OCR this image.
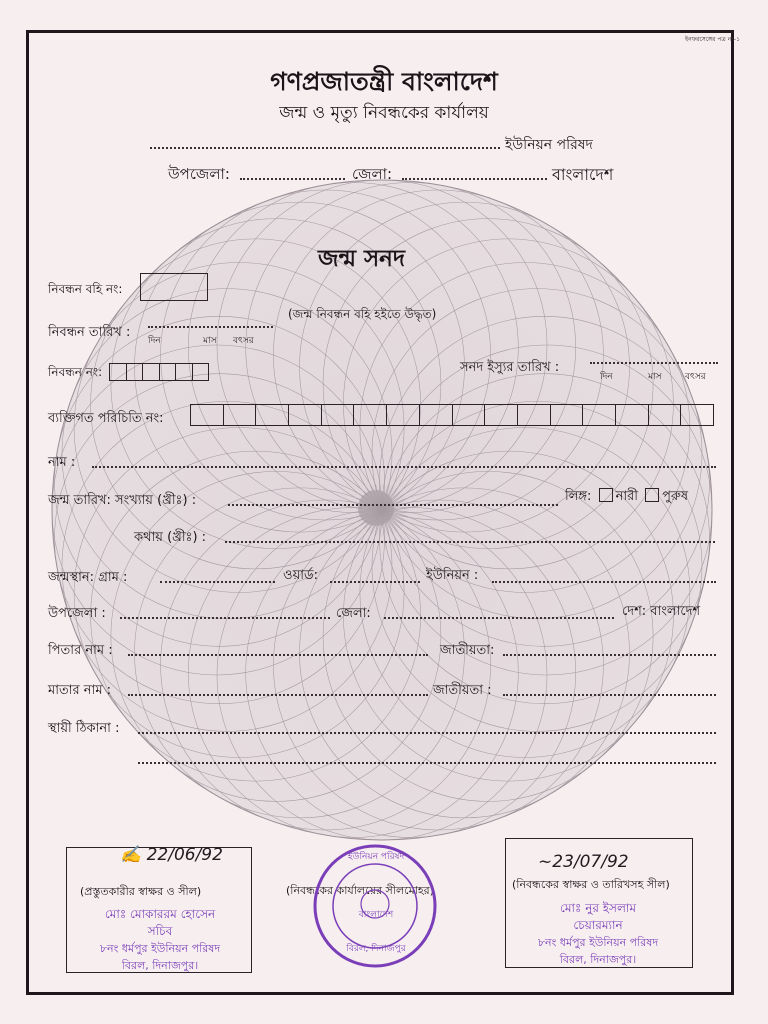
ইনফরসেঙ্গের পত্র নং-১
গণপ্রজাতন্ত্রী বাংলাদেশ
জন্ম ও মৃত্যু নিবন্ধকের কার্যালয়
ইউনিয়ন পরিষদ
উপজেলা:	জেলা:	বাংলাদেশ
জন্ম সনদ
(জন্ম নিবন্ধন বহি হইতে উদ্ধৃত)
নিবন্ধন বহি নং:
নিবন্ধন তারিখ :
দিন	মাস বৎসর
নিবন্ধন নং:	সনদ ইস্যুর তারিখ :
দিন	মাস	বৎসর
ব্যক্তিগত পরিচিতি নং:
নাম :
জন্ম তারিখ: সংখ্যায় (খ্রীঃ) :	লিঙ্গ: নারী পুরুষ
কথায় (খ্রীঃ) :
জন্মস্থান: গ্রাম :	ওয়ার্ড:	ইউনিয়ন :
উপজেলা :	জেলা:	দেশ: বাংলাদেশ
পিতার নাম :	জাতীয়তা:
মাতার নাম :	জাতীয়তা :
স্থায়ী ঠিকানা :
✍ 22/06/92
(প্রস্তুতকারীর স্বাক্ষর ও সীল)
মোঃ মোকাররম হোসেন
সচিব
৮নং ধর্মপুর ইউনিয়ন পরিষদ
বিরল, দিনাজপুর।
(নিবন্ধকের কার্যালয়ের সীলমোহর)
ইউনিয়ন পরিষদ
বাংলাদেশ
বিরল, দিনাজপুর
~23/07/92
(নিবন্ধকের স্বাক্ষর ও তারিখসহ সীল)
মোঃ নুর ইসলাম
চেয়ারম্যান
৮নং ধর্মপুর ইউনিয়ন পরিষদ
বিরল, দিনাজপুর।
